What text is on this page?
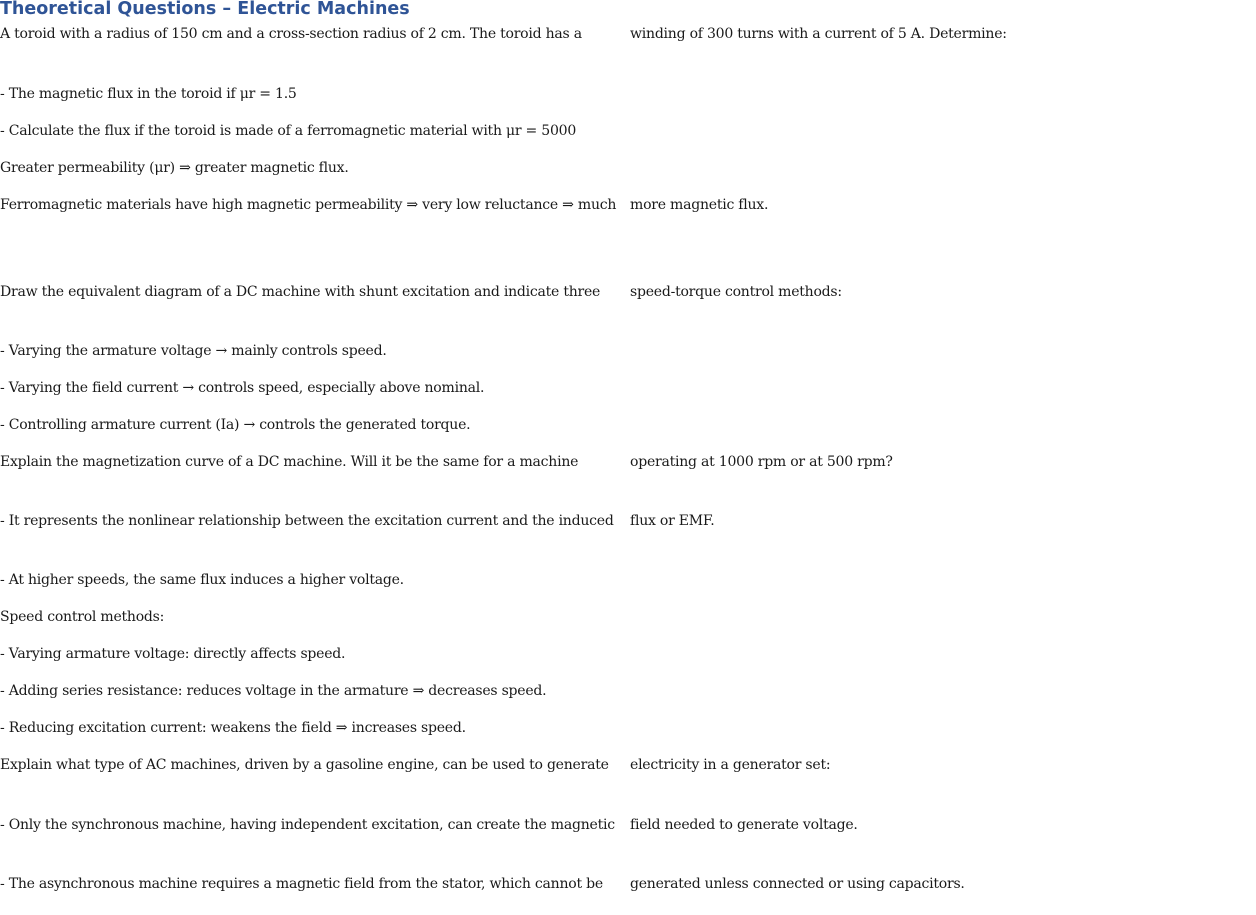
Theoretical Questions – Electric Machines

A toroid with a radius of 150 cm and a cross-section radius of 2 cm. The toroid has a	winding of 300 turns with a current of 5 A. Determine:

- The magnetic flux in the toroid if μr = 1.5

- Calculate the flux if the toroid is made of a ferromagnetic material with μr = 5000

Greater permeability (μr) ⇒ greater magnetic flux.

Ferromagnetic materials have high magnetic permeability ⇒ very low reluctance ⇒ much more magnetic flux.

Draw the equivalent diagram of a DC machine with shunt excitation and indicate three speed-torque control methods:

- Varying the armature voltage → mainly controls speed.

- Varying the field current → controls speed, especially above nominal.

- Controlling armature current (Ia) → controls the generated torque.

Explain the magnetization curve of a DC machine. Will it be the same for a machine	operating at 1000 rpm or at 500 rpm?

- It represents the nonlinear relationship between the excitation current and the induced flux or EMF.

- At higher speeds, the same flux induces a higher voltage.

Speed control methods:

- Varying armature voltage: directly affects speed.

- Adding series resistance: reduces voltage in the armature ⇒ decreases speed.

- Reducing excitation current: weakens the field ⇒ increases speed.

Explain what type of AC machines, driven by a gasoline engine, can be used to generate electricity in a generator set:

- Only the synchronous machine, having independent excitation, can create the magnetic field needed to generate voltage.

- The asynchronous machine requires a magnetic field from the stator, which cannot be generated unless connected or using capacitors.
